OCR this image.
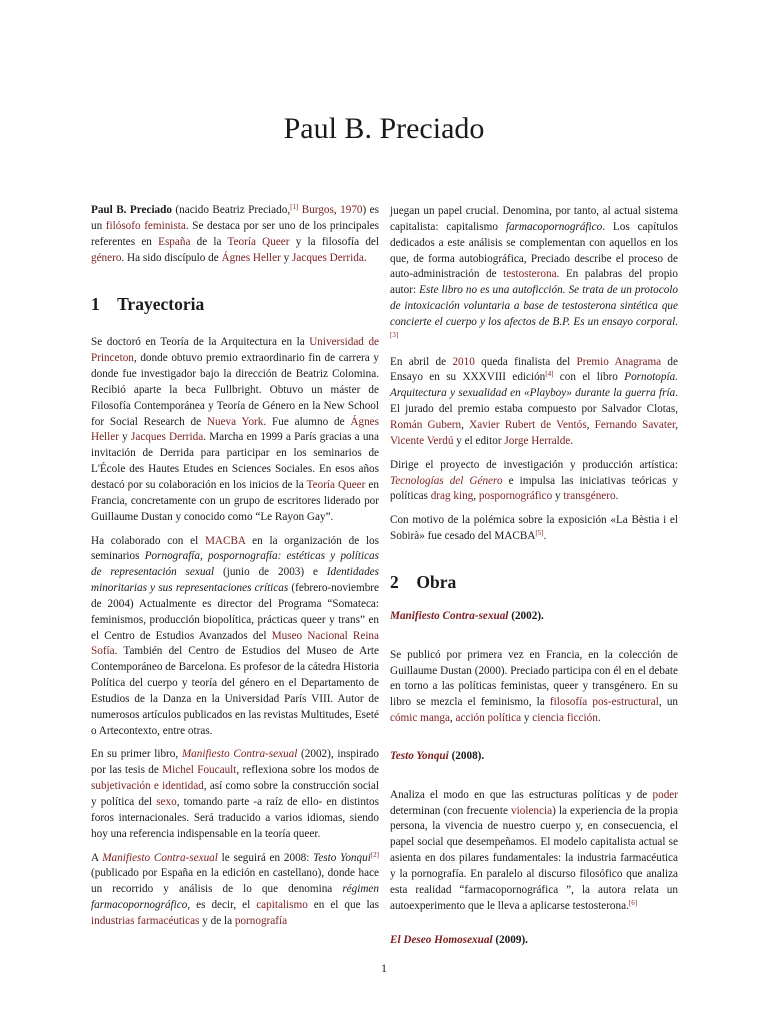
Paul B. Preciado

Paul B. Preciado (nacido Beatriz Preciado,[1] Burgos, 1970) es un filósofo feminista. Se destaca por ser uno de los principales referentes en España de la Teoría Queer y la filosofía del género. Ha sido discípulo de Ágnes Heller y Jacques Derrida.

1 Trayectoria

Se doctoró en Teoría de la Arquitectura en la Universidad de Princeton, donde obtuvo premio extraordinario fin de carrera y donde fue investigador bajo la dirección de Beatriz Colomina. Recibió aparte la beca Fullbright. Obtuvo un máster de Filosofía Contemporánea y Teoría de Género en la New School for Social Research de Nueva York. Fue alumno de Ágnes Heller y Jacques Derrida. Marcha en 1999 a París gracias a una invitación de Derrida para participar en los seminarios de L'École des Hautes Etudes en Sciences Sociales. En esos años destacó por su colaboración en los inicios de la Teoría Queer en Francia, concretamente con un grupo de escritores liderado por Guillaume Dustan y conocido como “Le Rayon Gay”.

Ha colaborado con el MACBA en la organización de los seminarios Pornografía, pospornografía: estéticas y políticas de representación sexual (junio de 2003) e Identidades minoritarias y sus representaciones críticas (febrero-noviembre de 2004) Actualmente es director del Programa “Somateca: feminismos, producción biopolítica, prácticas queer y trans” en el Centro de Estudios Avanzados del Museo Nacional Reina Sofía. También del Centro de Estudios del Museo de Arte Contemporáneo de Barcelona. Es profesor de la cátedra Historia Política del cuerpo y teoría del género en el Departamento de Estudios de la Danza en la Universidad París VIII. Autor de numerosos artículos publicados en las revistas Multitudes, Eseté o Artecontexto, entre otras.

En su primer libro, Manifiesto Contra-sexual (2002), inspirado por las tesis de Michel Foucault, reflexiona sobre los modos de subjetivación e identidad, así como sobre la construcción social y política del sexo, tomando parte -a raíz de ello- en distintos foros internacionales. Será traducido a varios idiomas, siendo hoy una referencia indispensable en la teoría queer.

A Manifiesto Contra-sexual le seguirá en 2008: Testo Yonqui[2] (publicado por España en la edición en castellano), donde hace un recorrido y análisis de lo que denomina régimen farmacopornográfico, es decir, el capitalismo en el que las industrias farmacéuticas y de la pornografía

juegan un papel crucial. Denomina, por tanto, al actual sistema capitalista: capitalismo farmacopornográfico. Los capítulos dedicados a este análisis se complementan con aquellos en los que, de forma autobiográfica, Preciado describe el proceso de auto-administración de testosterona. En palabras del propio autor: Este libro no es una autoficción. Se trata de un protocolo de intoxicación voluntaria a base de testosterona sintética que concierte el cuerpo y los afectos de B.P. Es un ensayo corporal.[3]

En abril de 2010 queda finalista del Premio Anagrama de Ensayo en su XXXVIII edición[4] con el libro Pornotopía. Arquitectura y sexualidad en «Playboy» durante la guerra fría. El jurado del premio estaba compuesto por Salvador Clotas, Román Gubern, Xavier Rubert de Ventós, Fernando Savater, Vicente Verdú y el editor Jorge Herralde.

Dirige el proyecto de investigación y producción artística: Tecnologías del Género e impulsa las iniciativas teóricas y políticas drag king, pospornográfico y transgénero.

Con motivo de la polémica sobre la exposición «La Bèstia i el Sobirà» fue cesado del MACBA[5].

2 Obra

Manifiesto Contra-sexual (2002).

Se publicó por primera vez en Francia, en la colección de Guillaume Dustan (2000). Preciado participa con él en el debate en torno a las políticas feministas, queer y transgénero. En su libro se mezcla el feminismo, la filosofía pos-estructural, un cómic manga, acción política y ciencia ficción.

Testo Yonqui (2008).

Analiza el modo en que las estructuras políticas y de poder determinan (con frecuente violencia) la experiencia de la propia persona, la vivencia de nuestro cuerpo y, en consecuencia, el papel social que desempeñamos. El modelo capitalista actual se asienta en dos pilares fundamentales: la industria farmacéutica y la pornografía. En paralelo al discurso filosófico que analiza esta realidad “farmacopornográfica ”, la autora relata un autoexperimento que le lleva a aplicarse testosterona.[6]

El Deseo Homosexual (2009).

1
